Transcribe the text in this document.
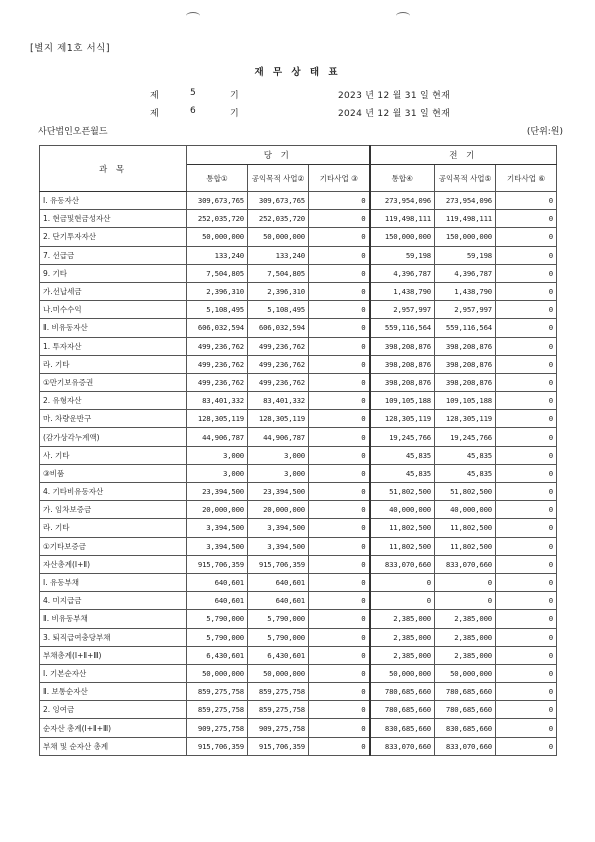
[별지 제1호 서식]
재 무 상 태 표
제	5	기	2023 년 12 월 31 일 현재
제	6	기	2024 년 12 월 31 일 현재
사단법인오픈월드	(단위:원)
과 목	당 기			전 기		
	통합①	공익목적 사업②	기타사업 ③	통합④	공익목적 사업⑤	기타사업 ⑥
Ⅰ. 유동자산	309,673,765	309,673,765	0	273,954,096	273,954,096	0
1. 현금및현금성자산	252,035,720	252,035,720	0	119,498,111	119,498,111	0
2. 단기투자자산	50,000,000	50,000,000	0	150,000,000	150,000,000	0
7. 선급금	133,240	133,240	0	59,198	59,198	0
9. 기타	7,504,805	7,504,805	0	4,396,787	4,396,787	0
가.선납세금	2,396,310	2,396,310	0	1,438,790	1,438,790	0
나.미수수익	5,108,495	5,108,495	0	2,957,997	2,957,997	0
Ⅱ. 비유동자산	606,032,594	606,032,594	0	559,116,564	559,116,564	0
1. 투자자산	499,236,762	499,236,762	0	398,208,876	398,208,876	0
라. 기타	499,236,762	499,236,762	0	398,208,876	398,208,876	0
①만기보유증권	499,236,762	499,236,762	0	398,208,876	398,208,876	0
2. 유형자산	83,401,332	83,401,332	0	109,105,188	109,105,188	0
마. 차량운반구	128,305,119	128,305,119	0	128,305,119	128,305,119	0
(감가상각누계액)	44,906,787	44,906,787	0	19,245,766	19,245,766	0
사. 기타	3,000	3,000	0	45,835	45,835	0
③비품	3,000	3,000	0	45,835	45,835	0
4. 기타비유동자산	23,394,500	23,394,500	0	51,802,500	51,802,500	0
가. 임차보증금	20,000,000	20,000,000	0	40,000,000	40,000,000	0
라. 기타	3,394,500	3,394,500	0	11,802,500	11,802,500	0
①기타보증금	3,394,500	3,394,500	0	11,802,500	11,802,500	0
자산총계(Ⅰ+Ⅱ)	915,706,359	915,706,359	0	833,070,660	833,070,660	0
Ⅰ. 유동부채	640,601	640,601	0	0	0	0
4. 미지급금	640,601	640,601	0	0	0	0
Ⅱ. 비유동부채	5,790,000	5,790,000	0	2,385,000	2,385,000	0
3. 퇴직급여충당부채	5,790,000	5,790,000	0	2,385,000	2,385,000	0
부채총계(Ⅰ+Ⅱ+Ⅲ)	6,430,601	6,430,601	0	2,385,000	2,385,000	0
Ⅰ. 기본순자산	50,000,000	50,000,000	0	50,000,000	50,000,000	0
Ⅱ. 보통순자산	859,275,758	859,275,758	0	780,685,660	780,685,660	0
2. 잉여금	859,275,758	859,275,758	0	780,685,660	780,685,660	0
순자산 총계(Ⅰ+Ⅱ+Ⅲ)	909,275,758	909,275,758	0	830,685,660	830,685,660	0
부채 및 순자산 총계	915,706,359	915,706,359	0	833,070,660	833,070,660	0
